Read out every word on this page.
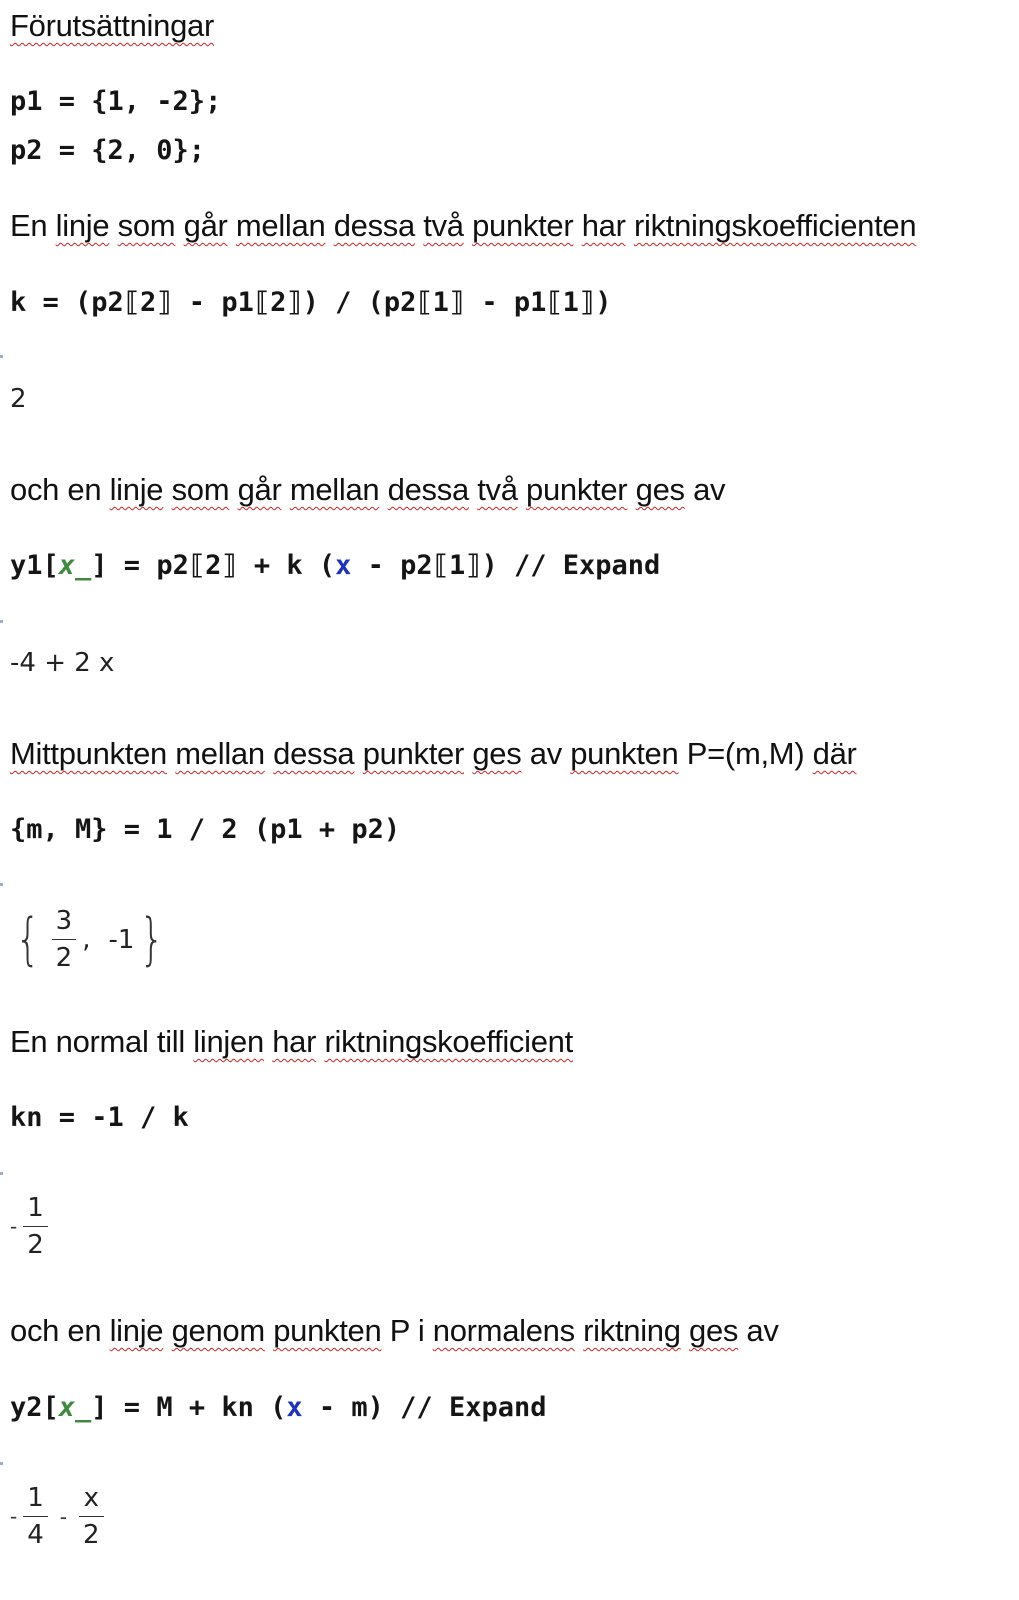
Förutsättningar
p1 = {1, -2};
p2 = {2, 0};
En linje som går mellan dessa två punkter har riktningskoefficienten
k = (p2⟦2⟧ - p1⟦2⟧) / (p2⟦1⟧ - p1⟦1⟧)
2
och en linje som går mellan dessa två punkter ges av
y1[x_] = p2⟦2⟧ + k (x - p2⟦1⟧) // Expand
-4 + 2 x
Mittpunkten mellan dessa punkter ges av punkten P=(m,M) där
{m, M} = 1 / 2 (p1 + p2)
{ $\frac{3}{2}$ , -1}
En normal till linjen har riktningskoefficient
kn = -1 / k
- $\frac{1}{2}$
och en linje genom punkten P i normalens riktning ges av
y2[x_] = M + kn (x - m) // Expand
- $\frac{1}{4} - \frac{x}{2}$
